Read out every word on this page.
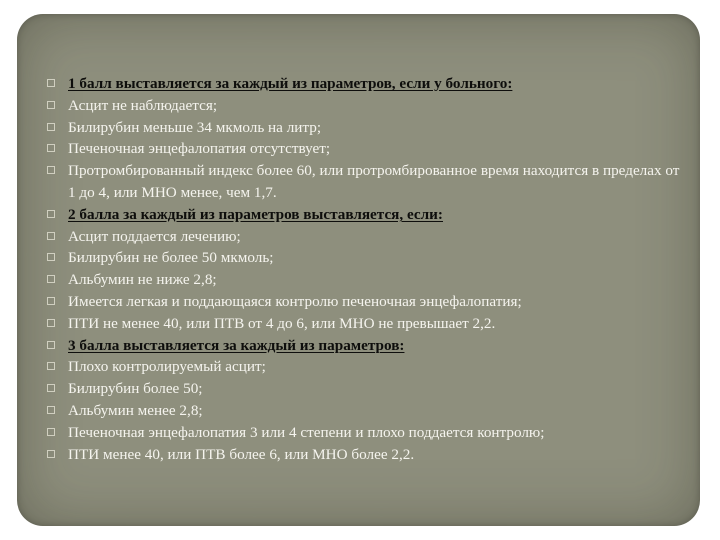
1 балл выставляется за каждый из параметров, если у больного:
Асцит не наблюдается;
Билирубин меньше 34 мкмоль на литр;
Печеночная энцефалопатия отсутствует;
Протромбированный индекс более 60, или протромбированное время находится в пределах от 1 до 4, или МНО менее, чем 1,7.
2 балла за каждый из параметров выставляется, если:
Асцит поддается лечению;
Билирубин не более 50 мкмоль;
Альбумин не ниже 2,8;
Имеется легкая и поддающаяся контролю печеночная энцефалопатия;
ПТИ не менее 40, или ПТВ от 4 до 6, или МНО не превышает 2,2.
3 балла выставляется за каждый из параметров:
Плохо контролируемый асцит;
Билирубин более 50;
Альбумин менее 2,8;
Печеночная энцефалопатия 3 или 4 степени и плохо поддается контролю;
ПТИ менее 40, или ПТВ более 6, или МНО более 2,2.
